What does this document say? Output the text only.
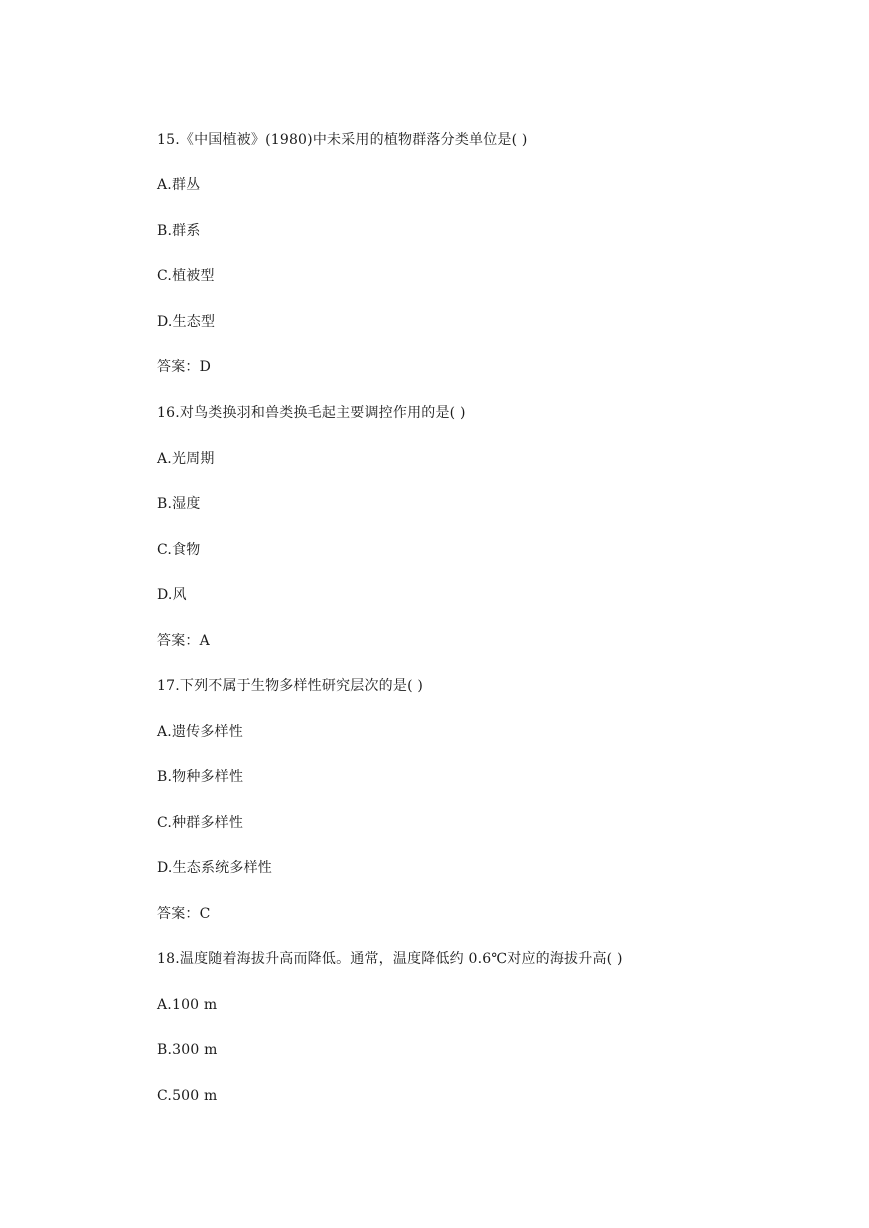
15.《中国植被》(1980)中未采用的植物群落分类单位是( )
A.群丛
B.群系
C.植被型
D.生态型
答案：D
16.对鸟类换羽和兽类换毛起主要调控作用的是( )
A.光周期
B.湿度
C.食物
D.风
答案：A
17.下列不属于生物多样性研究层次的是( )
A.遗传多样性
B.物种多样性
C.种群多样性
D.生态系统多样性
答案：C
18.温度随着海拔升高而降低。通常，温度降低约 0.6℃对应的海拔升高( )
A.100 m
B.300 m
C.500 m
